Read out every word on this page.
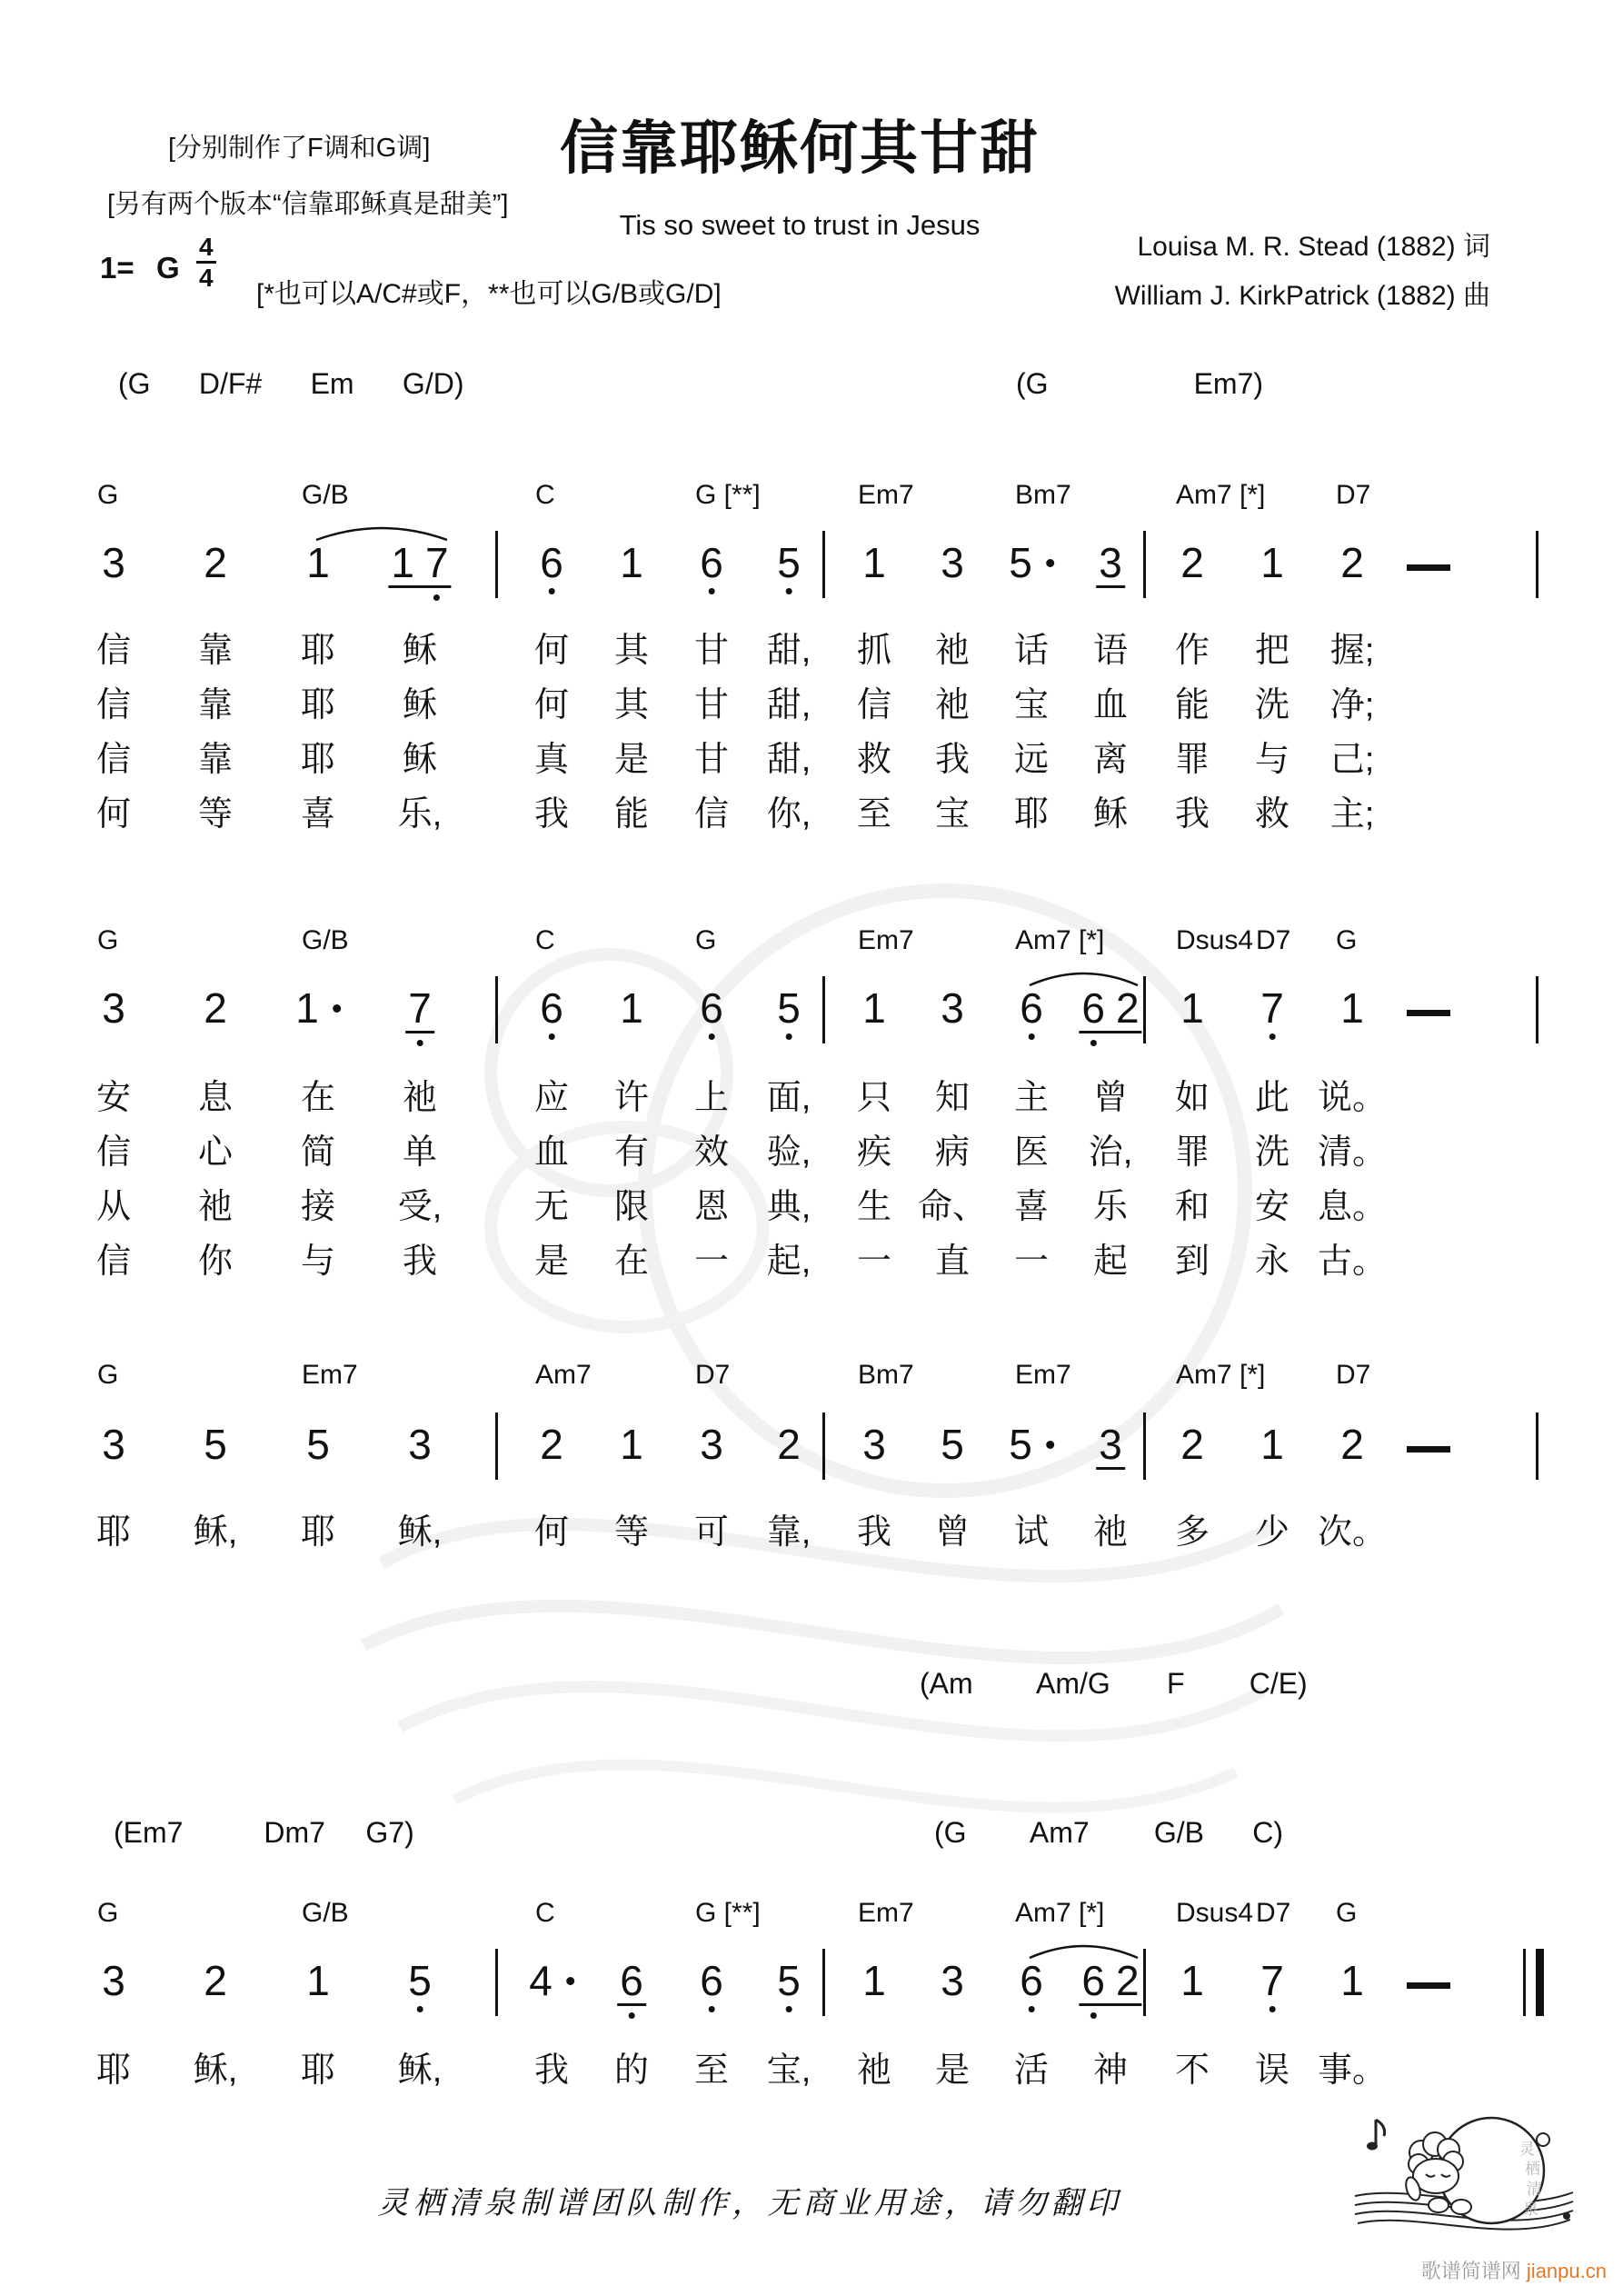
[分别制作了F调和G调]
[另有两个版本“信靠耶稣真是甜美”]
信靠耶稣何其甘甜
Tis so sweet to trust in Jesus
Louisa M. R. Stead (1882) 词
William J. KirkPatrick (1882) 曲
1= G $\frac{4}{4}$
[*也可以A/C#或F，**也可以G/B或G/D]
(G      D/F#      Em      G/D)	(G                  Em7)
(Am        Am/G       F        C/E)
(Em7          Dm7     G7)	(G        Am7        G/B      C)
G	G/B	C	G [**]	Em7	Bm7	Am7 [*]	D7
3 2 1 1 7 6 1 6 5 1 3 5 3 2 1 2
信 靠 耶 稣	何 其 甘 甜, 抓 祂 话 语 作 把 握;
信 靠 耶 稣	何 其 甘 甜, 信 祂 宝 血 能 洗 净;
信 靠 耶 稣	真 是 甘 甜, 救 我 远 离 罪 与 己;
何 等 喜 乐,	我 能 信 你, 至 宝 耶 稣 我 救 主;
G	G/B	C	G	Em7	Am7 [*]	Dsus4 D7 G
3 2 1 7	6 1 6 5 1 3 6 6 2 1 7 1
安 息 在 祂	应 许 上 面, 只 知 主 曾 如 此 说。
信 心 简 单	血 有 效 验, 疾 病 医 治, 罪 洗 清。
从 祂 接 受,	无 限 恩 典, 生 命、 喜 乐 和 安 息。
信 你 与 我	是 在 一 起, 一 直 一 起 到 永 古。
G	Em7	Am7	D7	Bm7	Em7	Am7 [*]	D7
3 5 5 3	2 1 3 2 3 5 5 3 2 1 2
耶 稣, 耶 稣,	何 等 可 靠, 我 曾 试 祂 多 少 次。
G	G/B	C	G [**]	Em7	Am7 [*]	Dsus4 D7 G
3 2 1 5 4 6 6 5 1 3 6 6 2 1 7 1
耶 稣, 耶 稣,	我 的 至 宝, 祂 是 活 神 不 误 事。
灵栖清泉制谱团队制作，无商业用途，请勿翻印
灵
栖
清
泉
歌谱简谱网 jianpu.cn
